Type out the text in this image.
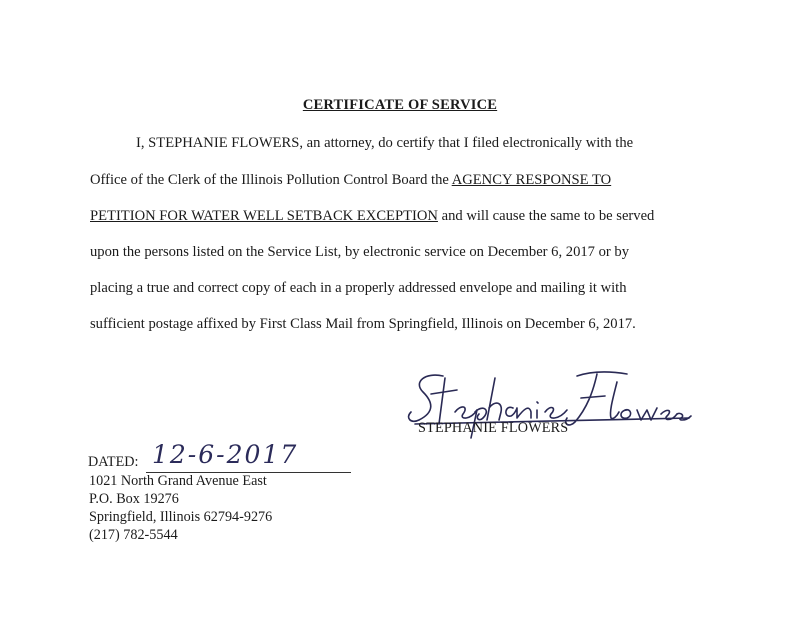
CERTIFICATE OF SERVICE
I, STEPHANIE FLOWERS, an attorney, do certify that I filed electronically with the
Office of the Clerk of the Illinois Pollution Control Board the AGENCY RESPONSE TO
PETITION FOR WATER WELL SETBACK EXCEPTION and will cause the same to be served
upon the persons listed on the Service List, by electronic service on December 6, 2017 or by
placing a true and correct copy of each in a properly addressed envelope and mailing it with
sufficient postage affixed by First Class Mail from Springfield, Illinois on December 6, 2017.
STEPHANIE FLOWERS
DATED: 12-6-2017
1021 North Grand Avenue East
P.O. Box 19276
Springfield, Illinois 62794-9276
(217) 782-5544
